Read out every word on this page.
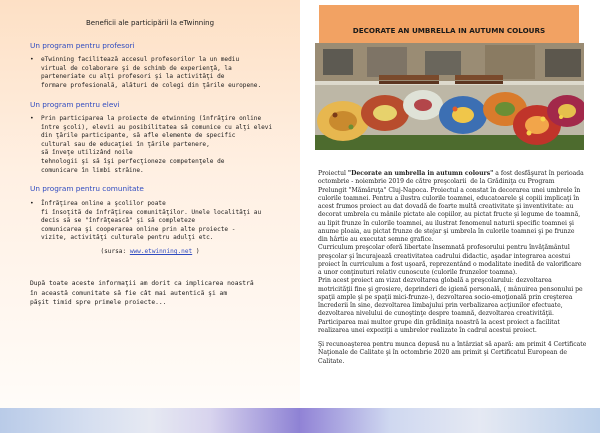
Beneficii ale participării la eTwinning
Un program pentru profesori
•	eTwinning facilitează accesul profesorilor la un mediu
virtual de colaborare şi de schimb de experienţă, la
parteneriate cu alţi profesori şi la activităţi de
formare profesională, alături de colegi din ţările europene.
Un program pentru elevi
•	Prin participarea la proiecte de etwinning (înfrăţire online
între şcoli), elevii au posibilitatea să comunice cu alţi elevi
din ţările participante, să afle elemente de specific
cultural sau de educaţiei în ţările partenere,
să înveţe utilizând noile
tehnologii şi să îşi perfecţioneze competenţele de
comunicare în limbi străine.
Un program pentru comunitate
•	Înfrăţirea online a şcolilor poate
fi însoţită de înfrăţirea comunităţilor. Unele localităţi au
decis să se "înfrăţească" şi să completeze
comunicarea şi cooperarea online prin alte proiecte -
vizite, activităţi culturale pentru adulţi etc.
(sursa: www.etwinning.net )
După toate aceste informaţii am dorit ca implicarea noastră
în această comunitate să fie cât mai autentică şi am
păşit timid spre primele proiecte...
DECORATE AN UMBRELLA IN AUTUMN COLOURS

Proiectul "Decorate an umbrella in autumn colours" a fost desfăşurat în perioada

octombrie - noiembrie 2019 de către preşcolarii  de la Grădiniţa cu Program

Prelungit "Mămăruţa" Cluj-Napoca. Proiectul a constat în decorarea unei umbrele în

culorile toamnei. Pentru a ilustra culorile toamnei, educatoarele şi copiii implicaţi în

acest frumos proiect au dat dovadă de foarte multă creativitate şi inventivitate: au

decorat umbrela cu mânile pictate ale copiilor, au pictat fructe şi legume de toamnă,

au lipit frunze în culorile toamnei, au ilustrat fenomenul naturii specific toamnei şi

anume ploaia, au pictat frunze de stejar şi umbrela în culorile toamnei şi pe frunze

din hârtie au executat semne grafice.

Curriculum preşcolar oferă libertate însemnată profesorului pentru învăţământul

preşcolar şi încurajează creativitatea cadrului didactic, aşadar integrarea acestui

proiect în curriculum a fost uşoară, reprezentând o modalitate inedită de valorificare

a unor conţinuturi relativ cunoscute (culorile frunzelor toamna).

Prin acest proiect am vizat dezvoltarea globală a preşcolarului: dezvoltarea

motricităţii fine şi grosiere, deprinderi de igienă personală, ( mânuirea pensonului pe

spaţii ample şi pe spaţii mici-frunze-), dezvoltarea socio-emoţională prin creşterea

încrederii în sine, dezvoltarea limbajului prin verbalizarea acţiunilor efectuate,

dezvoltarea nivelului de cunoştinţe despre toamnă, dezvoltarea creativităţii.

Participarea mai multor grupe din grădiniţa noastră la acest proiect a facilitat

realizarea unei expoziţii a umbrelor realizate în cadrul acestui proiect.

Şi recunoaşterea pentru munca depusă nu a întârziat să apară: am primit 4 Certificate

Naţionale de Calitate şi în octombrie 2020 am primit şi Certificatul European de

Calitate.
